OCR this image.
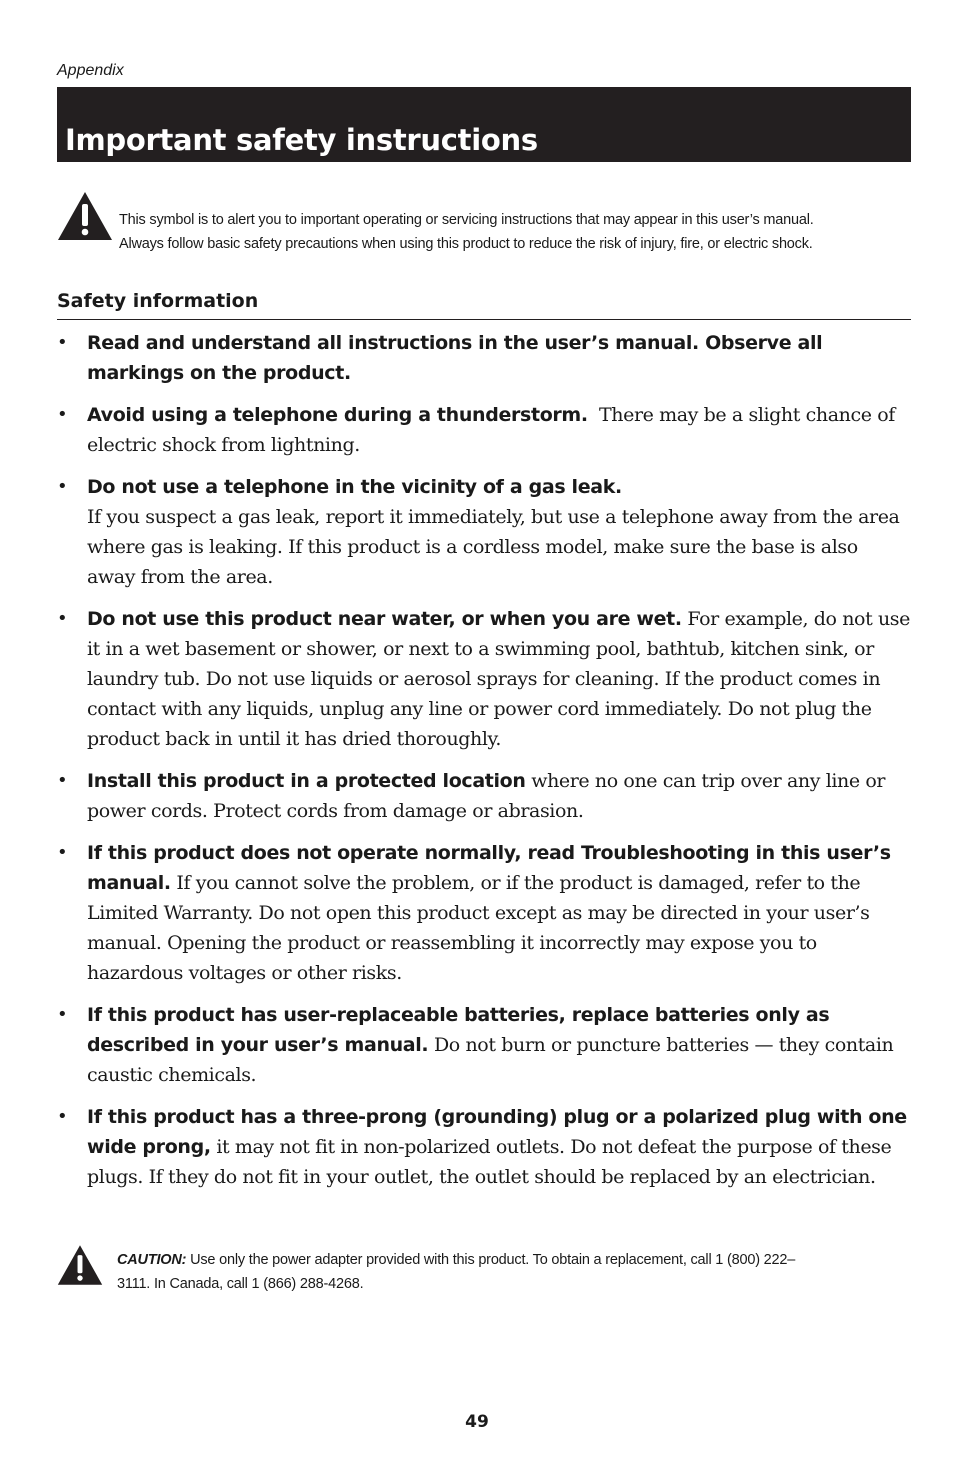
Appendix
Important safety instructions
This symbol is to alert you to important operating or servicing instructions that may appear in this user’s manual.
Always follow basic safety precautions when using this product to reduce the risk of injury, fire, or electric shock.
Safety information
• Read and understand all instructions in the user’s manual. Observe all markings on the product.
• Avoid using a telephone during a thunderstorm.  There may be a slight chance of electric shock from lightning.
• Do not use a telephone in the vicinity of a gas leak.
If you suspect a gas leak, report it immediately, but use a telephone away from the area where gas is leaking. If this product is a cordless model, make sure the base is also away from the area.
• Do not use this product near water, or when you are wet. For example, do not use it in a wet basement or shower, or next to a swimming pool, bathtub, kitchen sink, or laundry tub. Do not use liquids or aerosol sprays for cleaning. If the product comes in contact with any liquids, unplug any line or power cord immediately. Do not plug the product back in until it has dried thoroughly.
• Install this product in a protected location where no one can trip over any line or power cords. Protect cords from damage or abrasion.
• If this product does not operate normally, read Troubleshooting in this user’s manual. If you cannot solve the problem, or if the product is damaged, refer to the Limited Warranty. Do not open this product except as may be directed in your user’s manual. Opening the product or reassembling it incorrectly may expose you to hazardous voltages or other risks.
• If this product has user-replaceable batteries, replace batteries only as described in your user’s manual. Do not burn or puncture batteries — they contain caustic chemicals.
• If this product has a three-prong (grounding) plug or a polarized plug with one wide prong, it may not fit in non-polarized outlets. Do not defeat the purpose of these plugs. If they do not fit in your outlet, the outlet should be replaced by an electrician.
CAUTION: Use only the power adapter provided with this product. To obtain a replacement, call 1 (800) 222–
3111. In Canada, call 1 (866) 288-4268.
49
